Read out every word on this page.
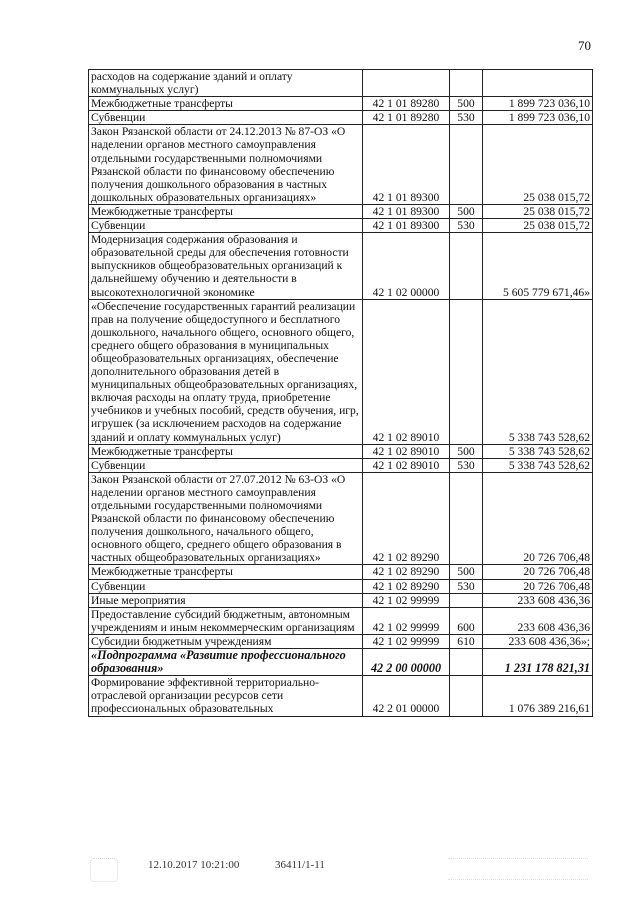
70
расходов на содержание зданий и оплату коммунальных услуг)			
Межбюджетные трансферты	42 1 01 89280	500	1 899 723 036,10
Субвенции	42 1 01 89280	530	1 899 723 036,10
Закон Рязанской области от 24.12.2013 № 87-ОЗ «О наделении органов местного самоуправления отдельными государственными полномочиями Рязанской области по финансовому обеспечению получения дошкольного образования в частных дошкольных образовательных организациях»	42 1 01 89300		25 038 015,72
Межбюджетные трансферты	42 1 01 89300	500	25 038 015,72
Субвенции	42 1 01 89300	530	25 038 015,72
Модернизация содержания образования и образовательной среды для обеспечения готовности выпускников общеобразовательных организаций к дальнейшему обучению и деятельности в высокотехнологичной экономике	42 1 02 00000		5 605 779 671,46»
«Обеспечение государственных гарантий реализации прав на получение общедоступного и бесплатного дошкольного, начального общего, основного общего, среднего общего образования в муниципальных общеобразовательных организациях, обеспечение дополнительного образования детей в муниципальных общеобразовательных организациях, включая расходы на оплату труда, приобретение учебников и учебных пособий, средств обучения, игр, игрушек (за исключением расходов на содержание зданий и оплату коммунальных услуг)	42 1 02 89010		5 338 743 528,62
Межбюджетные трансферты	42 1 02 89010	500	5 338 743 528,62
Субвенции	42 1 02 89010	530	5 338 743 528,62
Закон Рязанской области от 27.07.2012 № 63-ОЗ «О наделении органов местного самоуправления отдельными государственными полномочиями Рязанской области по финансовому обеспечению получения дошкольного, начального общего, основного общего, среднего общего образования в частных общеобразовательных организациях»	42 1 02 89290		20 726 706,48
Межбюджетные трансферты	42 1 02 89290	500	20 726 706,48
Субвенции	42 1 02 89290	530	20 726 706,48
Иные мероприятия	42 1 02 99999		233 608 436,36
Предоставление субсидий бюджетным, автономным учреждениям и иным некоммерческим организациям	42 1 02 99999	600	233 608 436,36
Субсидии бюджетным учреждениям	42 1 02 99999	610	233 608 436,36»;
«Подпрограмма «Развитие профессионального образования»	42 2 00 00000		1 231 178 821,31
Формирование эффективной территориально-отраслевой организации ресурсов сети профессиональных образовательных	42 2 01 00000		1 076 389 216,61
12.10.2017 10:21:00	36411/1-11
